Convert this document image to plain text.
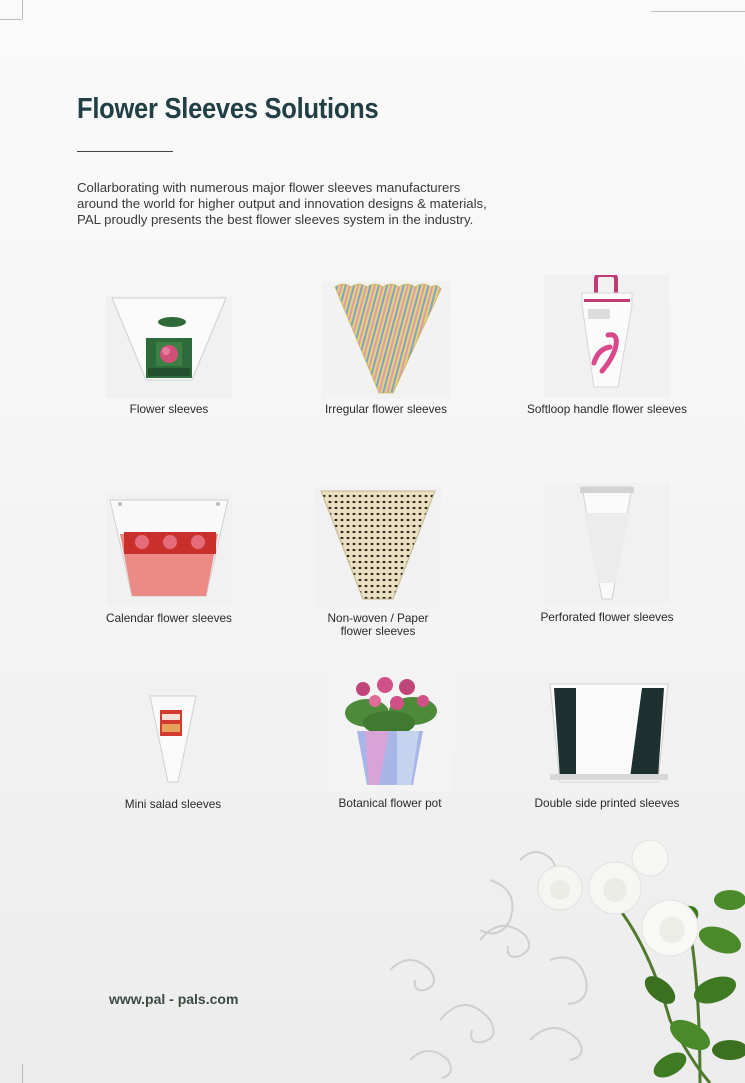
Flower Sleeves Solutions

Collarborating with numerous major flower sleeves manufacturers

around the world for higher output and innovation designs & materials,

PAL proudly presents the best flower sleeves system in the industry.

Flower sleeves	Irregular flower sleeves	Softloop handle flower sleeves
Calendar flower sleeves	Non-woven / Paper
flower sleeves
Perforated flower sleeves
Mini salad sleeves	Botanical flower pot	Double side printed sleeves
www.pal - pals.com
